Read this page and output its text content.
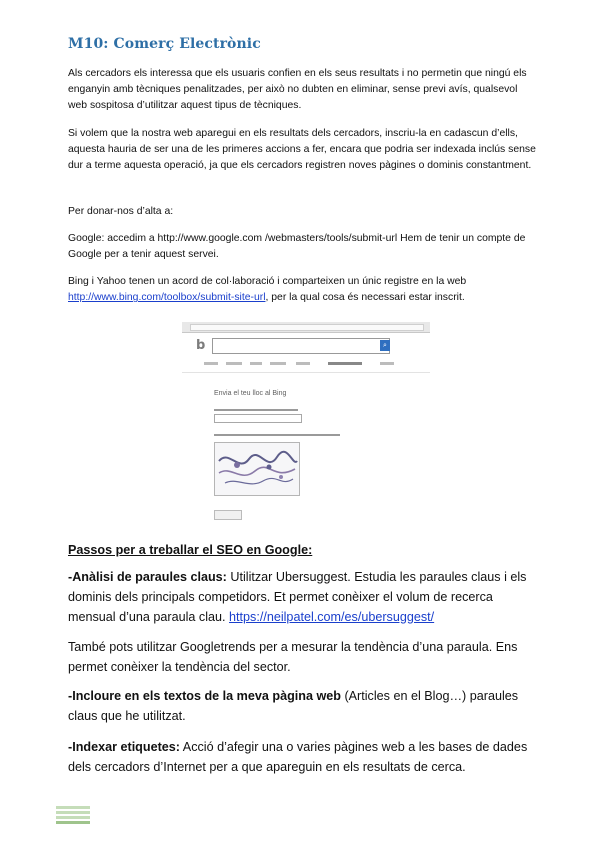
M10: Comerç Electrònic
Als cercadors els interessa que els usuaris confien en els seus resultats i no permetin que ningú els enganyin amb tècniques penalitzades, per això no dubten en eliminar, sense previ avís, qualsevol web sospitosa d’utilitzar aquest tipus de tècniques.
Si volem que la nostra web aparegui en els resultats dels cercadors, inscriu-la en cadascun d’ells, aquesta hauria de ser una de les primeres accions a fer, encara que podria ser indexada inclús sense dur a terme aquesta operació, ja que els cercadors registren noves pàgines o dominis constantment.
Per donar-nos d’alta a:
Google: accedim a http://www.google.com /webmasters/tools/submit-url Hem de tenir un compte de Google per a tenir aquest servei.
Bing i Yahoo tenen un acord de col·laboració i comparteixen un únic registre en la web http://www.bing.com/toolbox/submit-site-url, per la qual cosa és necessari estar inscrit.
b	⌕
Envia el teu lloc al Bing
Passos per a treballar el SEO en Google:
-Anàlisi de paraules claus: Utilitzar Ubersuggest. Estudia les paraules claus i els dominis dels principals competidors. Et permet conèixer el volum de recerca mensual d’una paraula clau. https://neilpatel.com/es/ubersuggest/
També pots utilitzar Googletrends per a mesurar la tendència d’una paraula. Ens permet conèixer la tendència del sector.
-Incloure en els textos de la meva pàgina web (Articles en el Blog…) paraules claus que he utilitzat.
-Indexar etiquetes: Acció d’afegir una o varies pàgines web a les bases de dades dels cercadors d’Internet per a que apareguin en els resultats de cerca.
